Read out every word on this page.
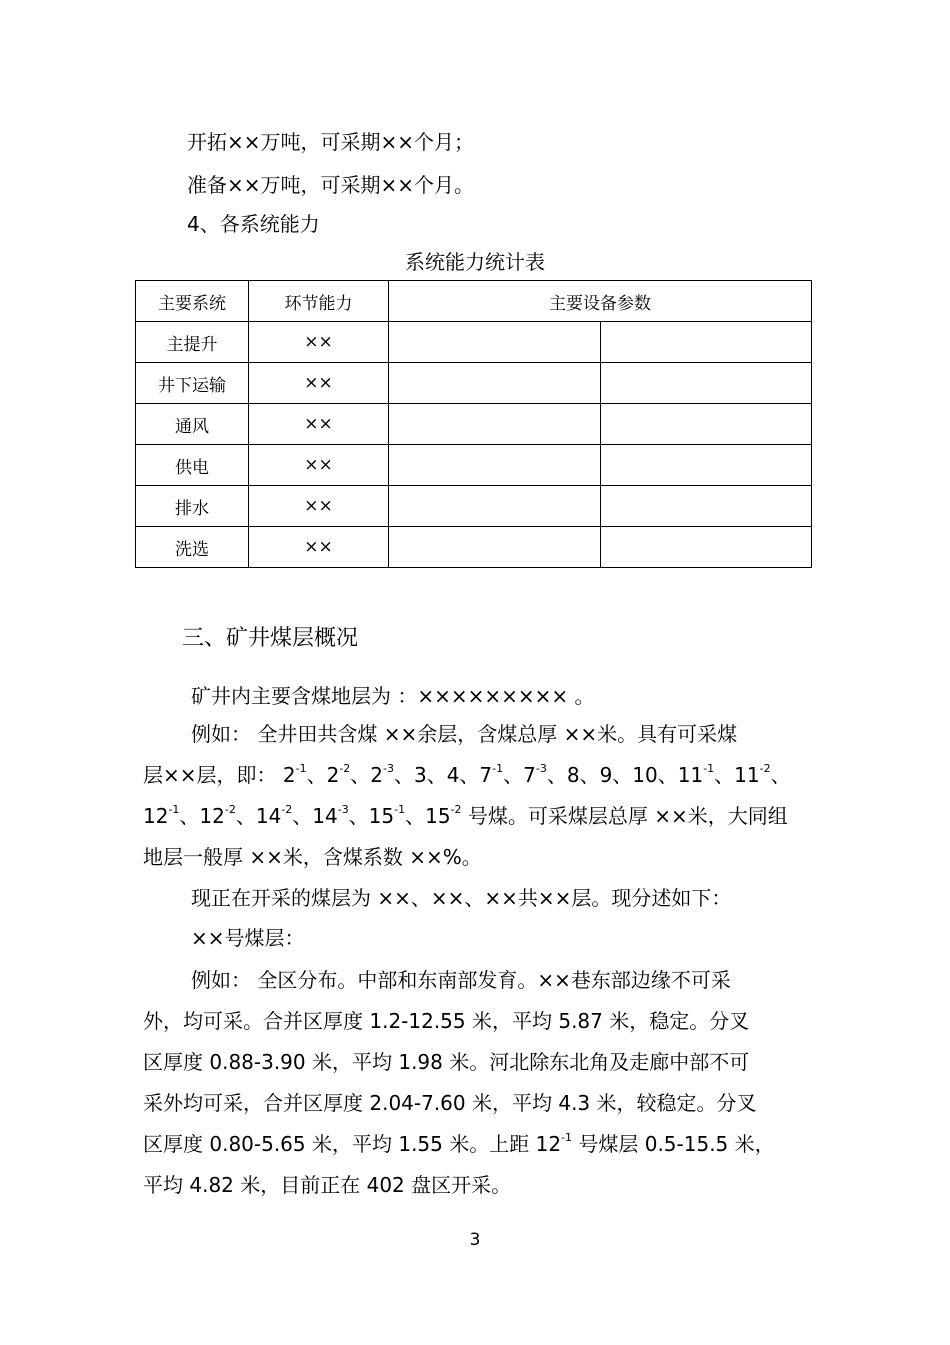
开拓××万吨，可采期××个月；
准备××万吨，可采期××个月。
4、各系统能力
系统能力统计表
主要系统	环节能力	主要设备参数	
主提升	××		
井下运输	××		
通风	××		
供电	××		
排水	××		
洗选	××		
三、矿井煤层概况
矿井内主要含煤地层为 ：××××××××× 。
例如： 全井田共含煤 ××余层，含煤总厚 ××米。具有可采煤
层××层，即： $2^{-1}$、$2^{-2}$、$2^{-3}$、3、4、$7^{-1}$、$7^{-3}$、8、9、10、$11^{-1}$、$11^{-2}$、
$12^{-1}$、$12^{-2}$、$14^{-2}$、$14^{-3}$、$15^{-1}$、$15^{-2}$ 号煤。可采煤层总厚 ××米，大同组
地层一般厚 ××米，含煤系数 ××%。
现正在开采的煤层为 ××、××、××共××层。现分述如下：
××号煤层：
例如： 全区分布。中部和东南部发育。××巷东部边缘不可采
外，均可采。合并区厚度 1.2-12.55 米，平均 5.87 米，稳定。分叉
区厚度 0.88-3.90 米，平均 1.98 米。河北除东北角及走廊中部不可
采外均可采，合并区厚度 2.04-7.60 米，平均 4.3 米，较稳定。分叉
区厚度 0.80-5.65 米，平均 1.55 米。上距 $12^{-1}$ 号煤层 0.5-15.5 米，
平均 4.82 米，目前正在 402 盘区开采。
3
